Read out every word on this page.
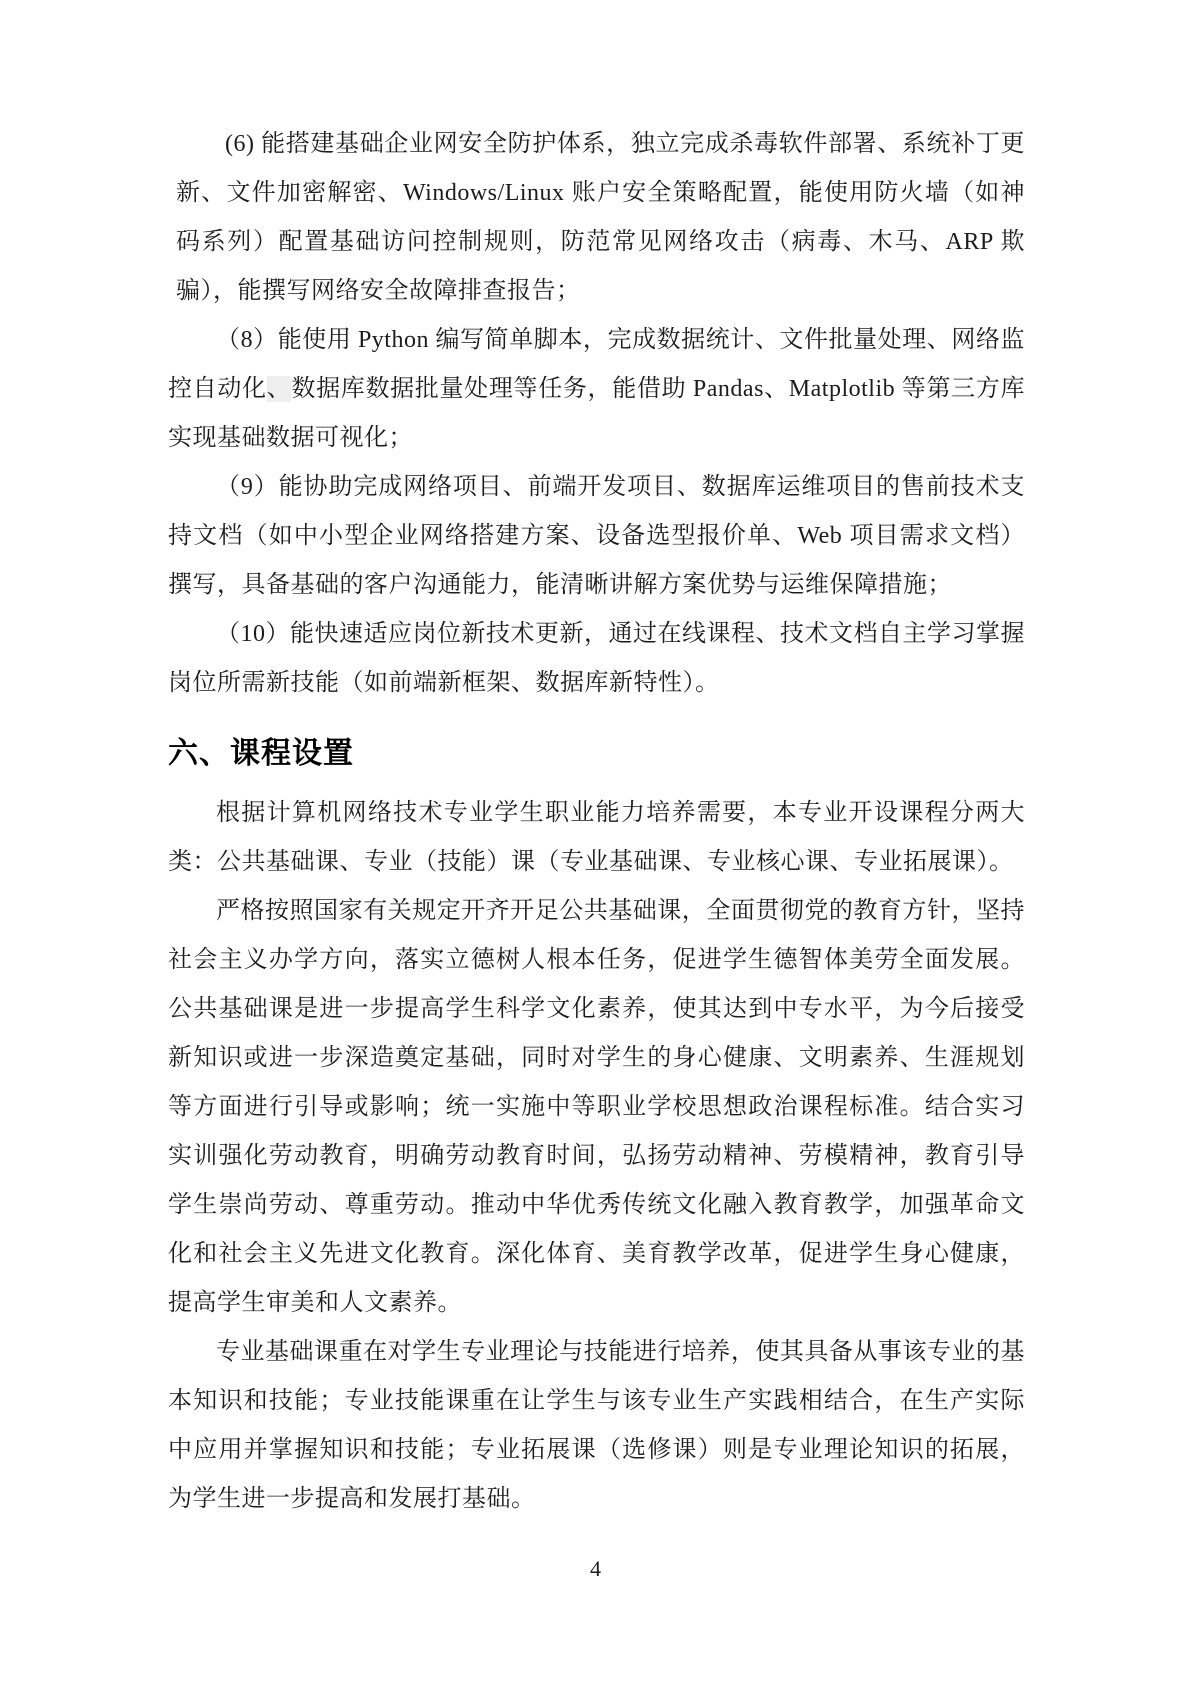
(6) 能搭建基础企业网安全防护体系，独立完成杀毒软件部署、系统补丁更新、文件加密解密、Windows/Linux 账户安全策略配置，能使用防火墙（如神码系列）配置基础访问控制规则，防范常见网络攻击（病毒、木马、ARP 欺骗），能撰写网络安全故障排查报告；

（8）能使用 Python 编写简单脚本，完成数据统计、文件批量处理、网络监控自动化、数据库数据批量处理等任务，能借助 Pandas、Matplotlib 等第三方库实现基础数据可视化；

（9）能协助完成网络项目、前端开发项目、数据库运维项目的售前技术支持文档（如中小型企业网络搭建方案、设备选型报价单、Web 项目需求文档）撰写，具备基础的客户沟通能力，能清晰讲解方案优势与运维保障措施；

（10）能快速适应岗位新技术更新，通过在线课程、技术文档自主学习掌握岗位所需新技能（如前端新框架、数据库新特性）。

六、课程设置

根据计算机网络技术专业学生职业能力培养需要，本专业开设课程分两大类：公共基础课、专业（技能）课（专业基础课、专业核心课、专业拓展课）。

严格按照国家有关规定开齐开足公共基础课，全面贯彻党的教育方针，坚持社会主义办学方向，落实立德树人根本任务，促进学生德智体美劳全面发展。公共基础课是进一步提高学生科学文化素养，使其达到中专水平，为今后接受新知识或进一步深造奠定基础，同时对学生的身心健康、文明素养、生涯规划等方面进行引导或影响；统一实施中等职业学校思想政治课程标准。结合实习实训强化劳动教育，明确劳动教育时间，弘扬劳动精神、劳模精神，教育引导学生崇尚劳动、尊重劳动。推动中华优秀传统文化融入教育教学，加强革命文化和社会主义先进文化教育。深化体育、美育教学改革，促进学生身心健康，提高学生审美和人文素养。

专业基础课重在对学生专业理论与技能进行培养，使其具备从事该专业的基本知识和技能；专业技能课重在让学生与该专业生产实践相结合，在生产实际中应用并掌握知识和技能；专业拓展课（选修课）则是专业理论知识的拓展，为学生进一步提高和发展打基础。

4
